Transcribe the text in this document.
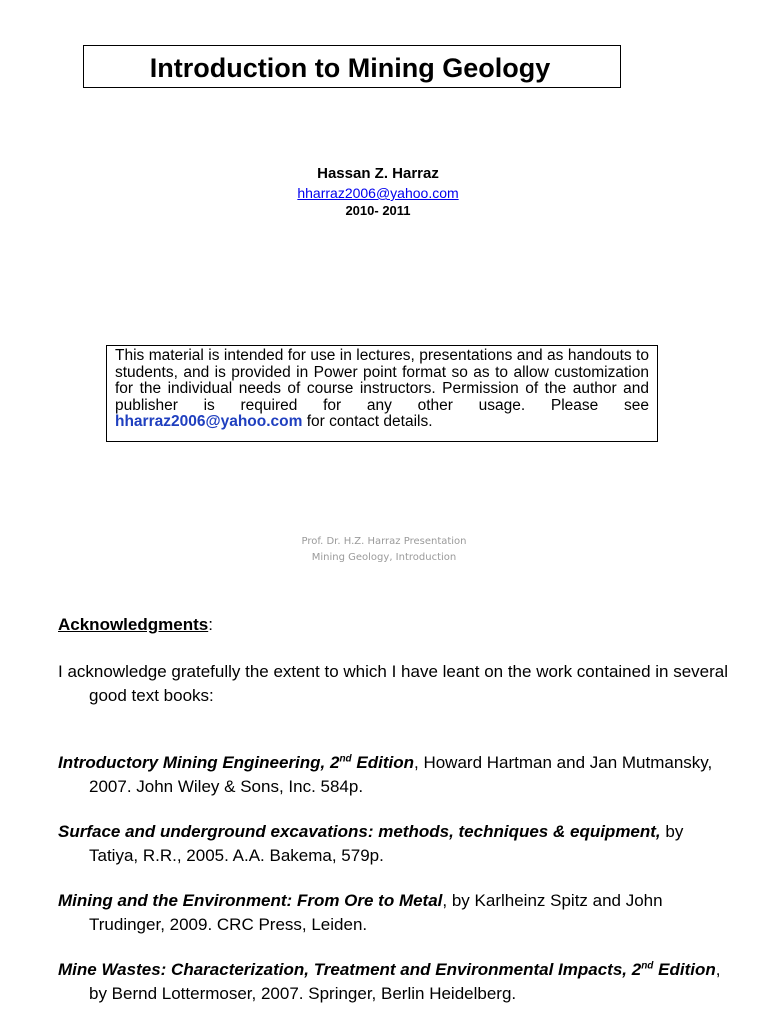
Introduction to Mining Geology
Hassan Z. Harraz
hharraz2006@yahoo.com
2010- 2011
This material is intended for use in lectures, presentations and as handouts to students, and is provided in Power point format so as to allow customization for the individual needs of course instructors. Permission of the author and publisher is required for any other usage. Please see hharraz2006@yahoo.com for contact details.
Prof. Dr. H.Z. Harraz Presentation
Mining Geology, Introduction
Acknowledgments:
I acknowledge gratefully the extent to which I have leant on the work contained in several good text books:
Introductory Mining Engineering, 2nd Edition, Howard Hartman and Jan Mutmansky, 2007. John Wiley & Sons, Inc. 584p.
Surface and underground excavations: methods, techniques & equipment, by Tatiya, R.R., 2005. A.A. Bakema, 579p.
Mining and the Environment: From Ore to Metal, by Karlheinz Spitz and John Trudinger, 2009. CRC Press, Leiden.
Mine Wastes: Characterization, Treatment and Environmental Impacts, 2nd Edition, by Bernd Lottermoser, 2007. Springer, Berlin Heidelberg.
